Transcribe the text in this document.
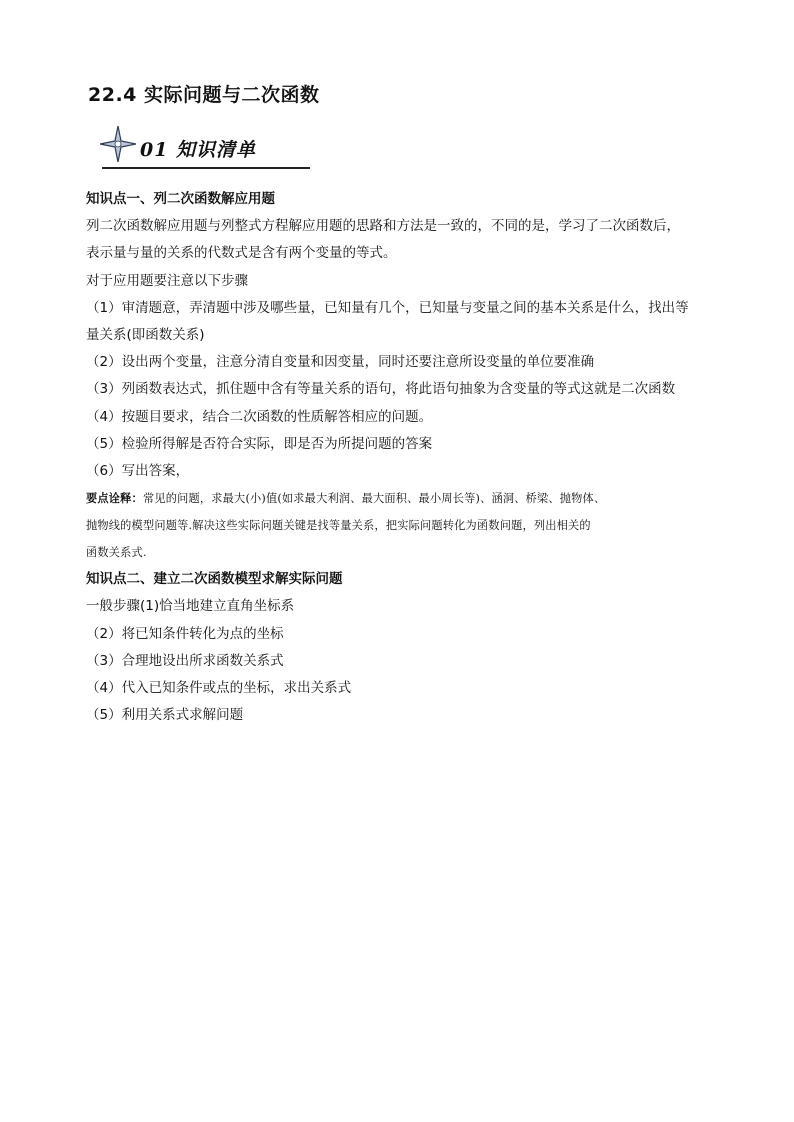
22.4 实际问题与二次函数
01 知识清单

知识点一、列二次函数解应用题

列二次函数解应用题与列整式方程解应用题的思路和方法是一致的，不同的是，学习了二次函数后，

表示量与量的关系的代数式是含有两个变量的等式。

对于应用题要注意以下步骤

（1）审清题意，弄清题中涉及哪些量，已知量有几个，已知量与变量之间的基本关系是什么，找出等

量关系(即函数关系)

（2）设出两个变量，注意分清自变量和因变量，同时还要注意所设变量的单位要准确

（3）列函数表达式，抓住题中含有等量关系的语句，将此语句抽象为含变量的等式这就是二次函数

（4）按题目要求，结合二次函数的性质解答相应的问题。

（5）检验所得解是否符合实际，即是否为所提问题的答案

（6）写出答案，

要点诠释：常见的问题，求最大(小)值(如求最大利润、最大面积、最小周长等)、涵洞、桥梁、抛物体、

抛物线的模型问题等.解决这些实际问题关键是找等量关系，把实际问题转化为函数问题，列出相关的

函数关系式.

知识点二、建立二次函数模型求解实际问题

一般步骤(1)恰当地建立直角坐标系

（2）将已知条件转化为点的坐标

（3）合理地设出所求函数关系式

（4）代入已知条件或点的坐标，求出关系式

（5）利用关系式求解问题
